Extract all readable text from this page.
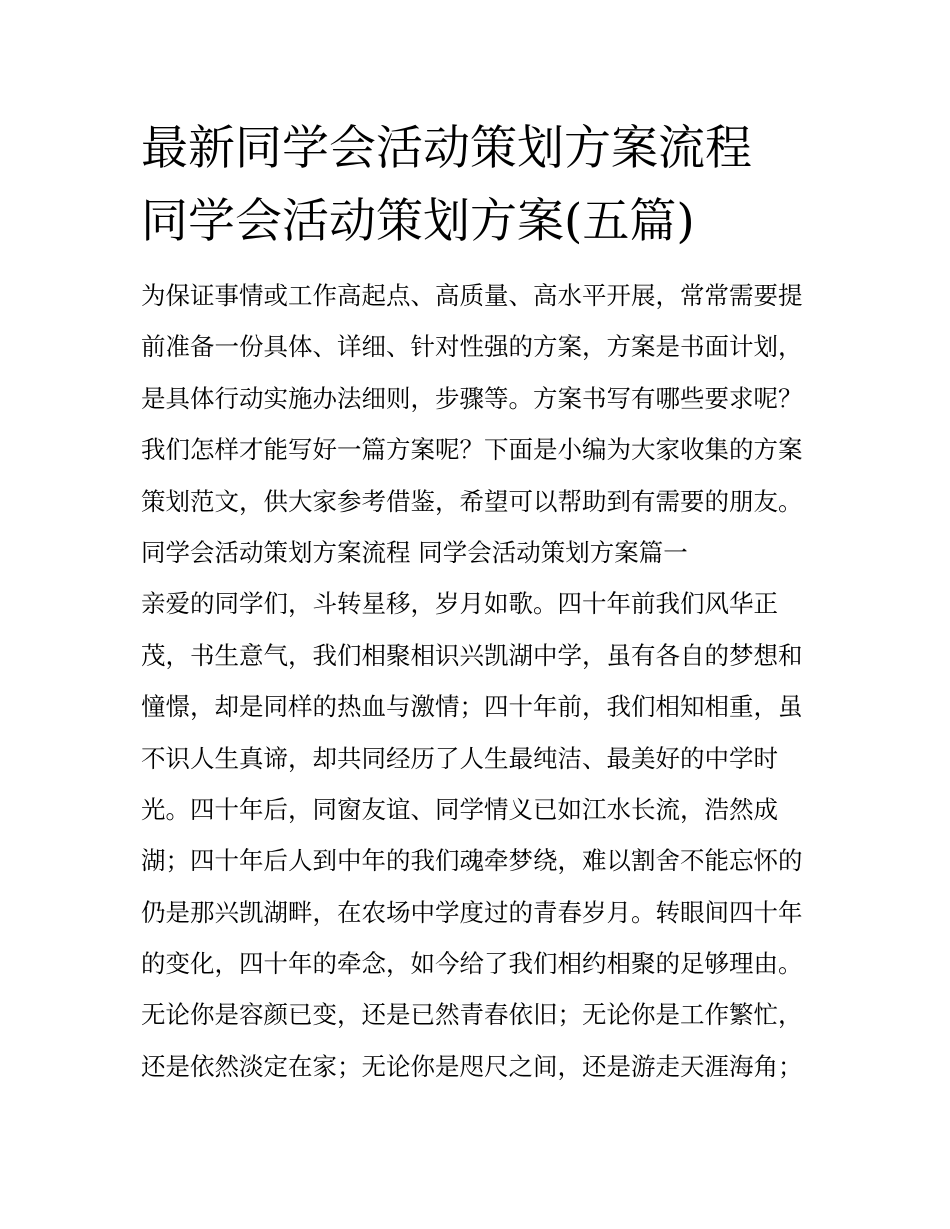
最新同学会活动策划方案流程
同学会活动策划方案(五篇)
为保证事情或工作高起点、高质量、高水平开展，常常需要提
前准备一份具体、详细、针对性强的方案，方案是书面计划，
是具体行动实施办法细则，步骤等。方案书写有哪些要求呢？
我们怎样才能写好一篇方案呢？下面是小编为大家收集的方案
策划范文，供大家参考借鉴，希望可以帮助到有需要的朋友。
同学会活动策划方案流程 同学会活动策划方案篇一
亲爱的同学们，斗转星移，岁月如歌。四十年前我们风华正
茂，书生意气，我们相聚相识兴凯湖中学，虽有各自的梦想和
憧憬，却是同样的热血与激情；四十年前，我们相知相重，虽
不识人生真谛，却共同经历了人生最纯洁、最美好的中学时
光。四十年后，同窗友谊、同学情义已如江水长流，浩然成
湖；四十年后人到中年的我们魂牵梦绕，难以割舍不能忘怀的
仍是那兴凯湖畔，在农场中学度过的青春岁月。转眼间四十年
的变化，四十年的牵念，如今给了我们相约相聚的足够理由。
无论你是容颜已变，还是已然青春依旧；无论你是工作繁忙，
还是依然淡定在家；无论你是咫尺之间，还是游走天涯海角；
